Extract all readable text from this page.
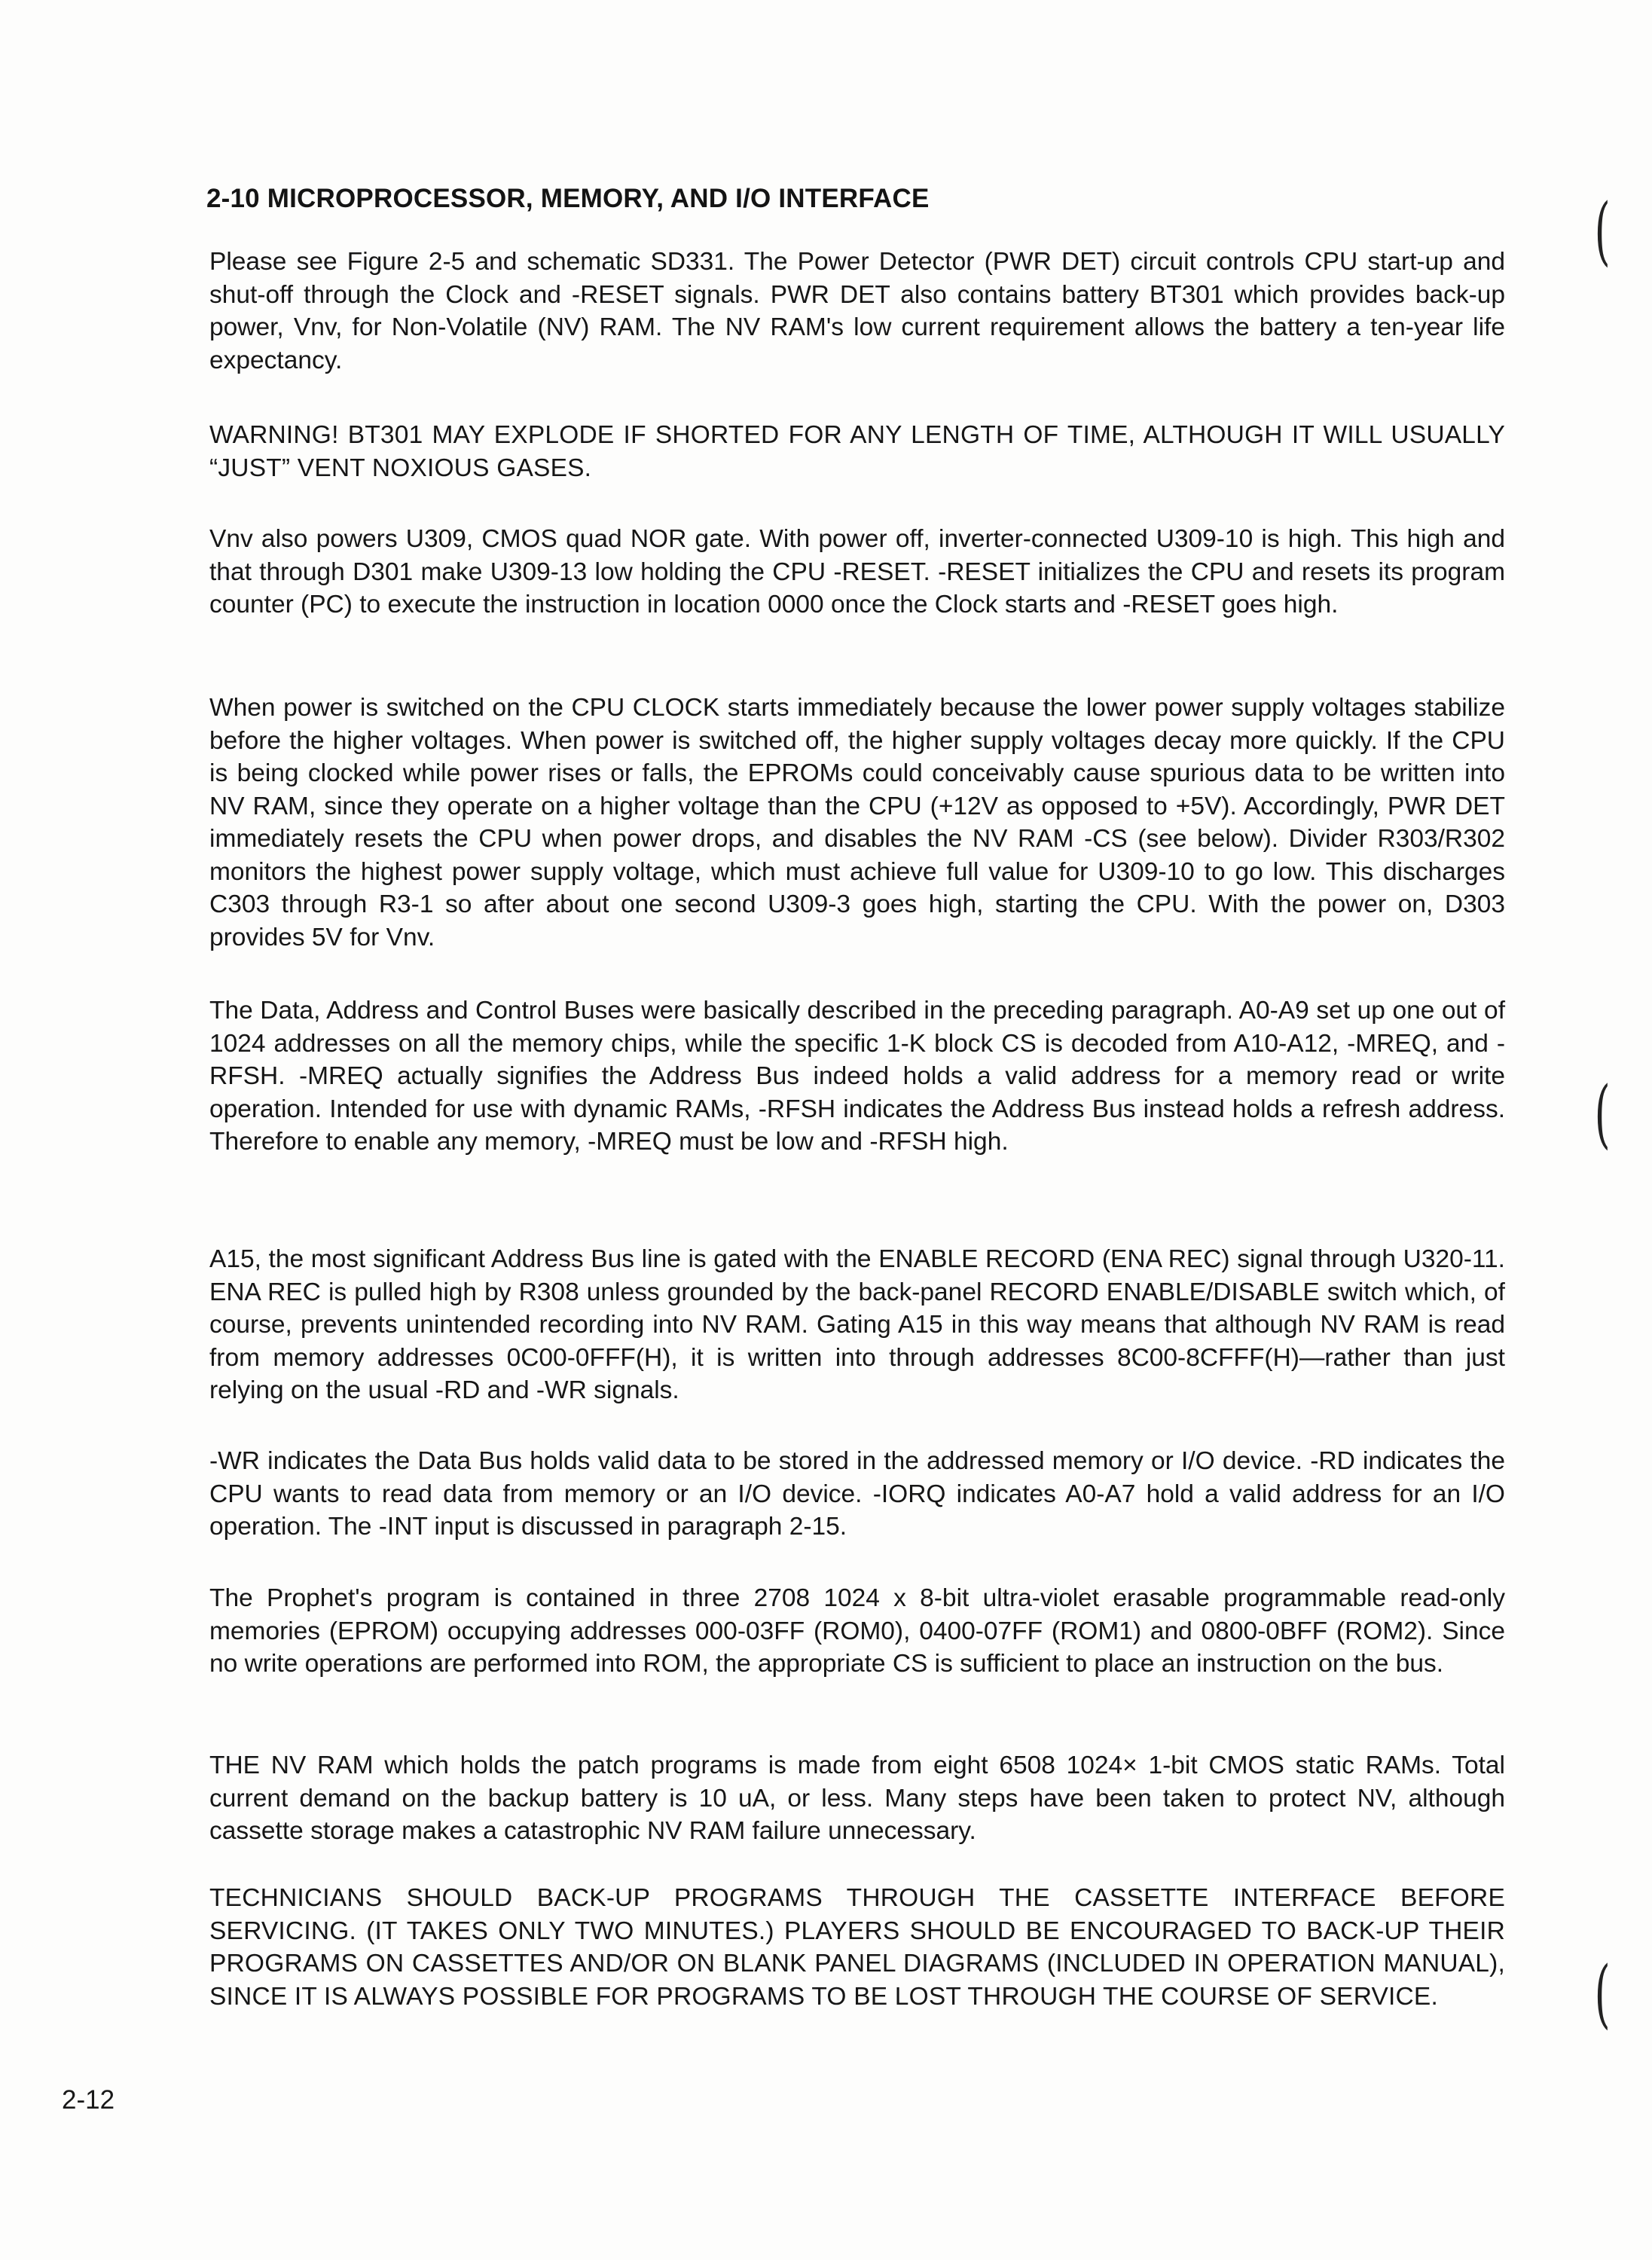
2-10 MICROPROCESSOR, MEMORY, AND I/O INTERFACE

Please see Figure 2-5 and schematic SD331. The Power Detector (PWR DET) circuit controls CPU start-up and shut-off through the Clock and -RESET signals. PWR DET also contains battery BT301 which provides back-up power, Vnv, for Non-Volatile (NV) RAM. The NV RAM's low current requirement allows the battery a ten-year life expectancy.

WARNING! BT301 MAY EXPLODE IF SHORTED FOR ANY LENGTH OF TIME, ALTHOUGH IT WILL USUALLY “JUST” VENT NOXIOUS GASES.

Vnv also powers U309, CMOS quad NOR gate. With power off, inverter-connected U309-10 is high. This high and that through D301 make U309-13 low holding the CPU -RESET. -RESET initializes the CPU and resets its program counter (PC) to execute the instruction in location 0000 once the Clock starts and -RESET goes high.

When power is switched on the CPU CLOCK starts immediately because the lower power supply voltages stabilize before the higher voltages. When power is switched off, the higher supply voltages decay more quickly. If the CPU is being clocked while power rises or falls, the EPROMs could conceivably cause spurious data to be written into NV RAM, since they operate on a higher voltage than the CPU (+12V as opposed to +5V). Accordingly, PWR DET immediately resets the CPU when power drops, and disables the NV RAM -CS (see below). Divider R303/R302 monitors the highest power supply voltage, which must achieve full value for U309-10 to go low. This discharges C303 through R3-1 so after about one second U309-3 goes high, starting the CPU. With the power on, D303 provides 5V for Vnv.

The Data, Address and Control Buses were basically described in the preceding paragraph. A0-A9 set up one out of 1024 addresses on all the memory chips, while the specific 1-K block CS is decoded from A10-A12, -MREQ, and -RFSH. -MREQ actually signifies the Address Bus indeed holds a valid address for a memory read or write operation. Intended for use with dynamic RAMs, -RFSH indicates the Address Bus instead holds a refresh address. Therefore to enable any memory, -MREQ must be low and -RFSH high.

A15, the most significant Address Bus line is gated with the ENABLE RECORD (ENA REC) signal through U320-11. ENA REC is pulled high by R308 unless grounded by the back-panel RECORD ENABLE/DISABLE switch which, of course, prevents unintended recording into NV RAM. Gating A15 in this way means that although NV RAM is read from memory addresses 0C00-0FFF(H), it is written into through addresses 8C00-8CFFF(H)—rather than just relying on the usual -RD and -WR signals.

-WR indicates the Data Bus holds valid data to be stored in the addressed memory or I/O device. -RD indicates the CPU wants to read data from memory or an I/O device. -IORQ indicates A0-A7 hold a valid address for an I/O operation. The -INT input is discussed in paragraph 2-15.

The Prophet's program is contained in three 2708 1024 x 8-bit ultra-violet erasable programmable read-only memories (EPROM) occupying addresses 000-03FF (ROM0), 0400-07FF (ROM1) and 0800-0BFF (ROM2). Since no write operations are performed into ROM, the appropriate CS is sufficient to place an instruction on the bus.

THE NV RAM which holds the patch programs is made from eight 6508 1024× 1-bit CMOS static RAMs. Total current demand on the backup battery is 10 uA, or less. Many steps have been taken to protect NV, although cassette storage makes a catastrophic NV RAM failure unnecessary.

TECHNICIANS SHOULD BACK-UP PROGRAMS THROUGH THE CASSETTE INTERFACE BEFORE SERVICING. (IT TAKES ONLY TWO MINUTES.) PLAYERS SHOULD BE ENCOURAGED TO BACK-UP THEIR PROGRAMS ON CASSETTES AND/OR ON BLANK PANEL DIAGRAMS (INCLUDED IN OPERATION MANUAL), SINCE IT IS ALWAYS POSSIBLE FOR PROGRAMS TO BE LOST THROUGH THE COURSE OF SERVICE.

2-12
(
(
(
